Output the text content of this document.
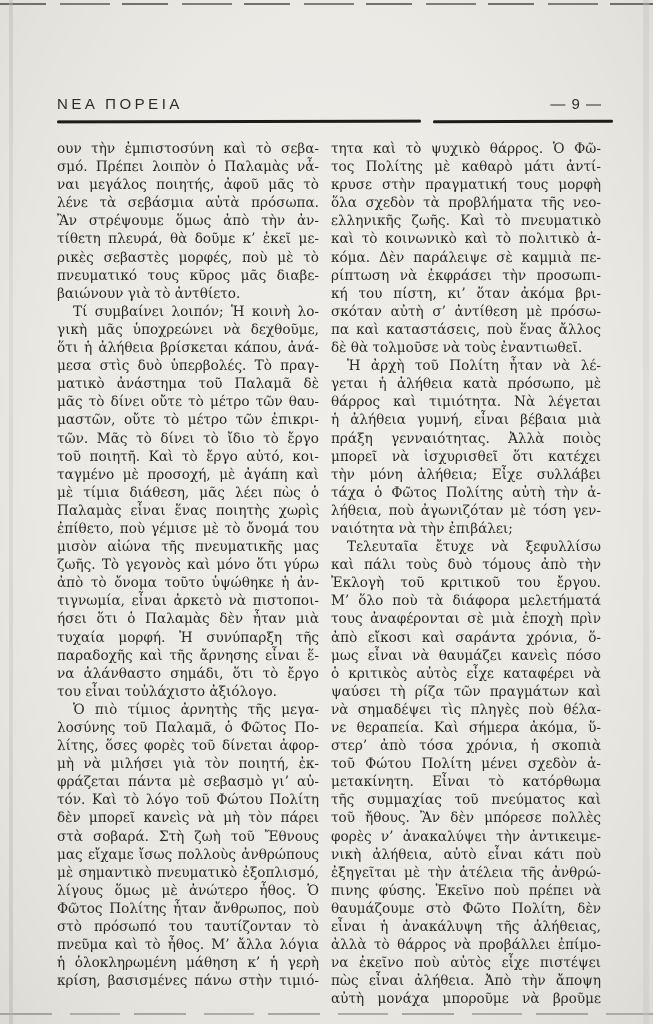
ΝΕΑ ΠΟΡΕΙΑ	— 9 —
ουν τὴν ἐμπιστοσύνη καὶ τὸ σεβα-
σμό. Πρέπει λοιπὸν ὁ Παλαμὰς νἆ-
ναι μεγάλος ποιητής, ἀφοῦ μᾶς τὸ
λένε τὰ σεβάσμια αὐτὰ πρόσωπα.
Ἂν στρέψουμε ὅμως ἀπὸ τὴν ἀν-
τίθετη πλευρά, θὰ δοῦμε κ’ ἐκεῖ με-
ρικὲς σεβαστὲς μορφές, ποὺ μὲ τὸ
πνευματικό τους κῦρος μᾶς διαβε-
βαιώνουν γιὰ τὸ ἀντθίετο.
Τί συμβαίνει λοιπόν; Ἡ κοινὴ λο-
γικὴ μᾶς ὑποχρεώνει νὰ δεχθοῦμε,
ὅτι ἡ ἀλήθεια βρίσκεται κάπου, ἀνά-
μεσα στὶς δυὸ ὑπερβολές. Τὸ πραγ-
ματικὸ ἀνάστημα τοῦ Παλαμᾶ δὲ
μᾶς τὸ δίνει οὔτε τὸ μέτρο τῶν θαυ-
μαστῶν, οὔτε τὸ μέτρο τῶν ἐπικρι-
τῶν. Μᾶς τὸ δίνει τὸ ἴδιο τὸ ἔργο
τοῦ ποιητῆ. Καὶ τὸ ἔργο αὐτό, κοι-
ταγμένο μὲ προσοχή, μὲ ἀγάπη καὶ
μὲ τίμια διάθεση, μᾶς λέει πὼς ὁ
Παλαμὰς εἶναι ἕνας ποιητὴς χωρὶς
ἐπίθετο, ποὺ γέμισε μὲ τὸ ὄνομά του
μισὸν αἰώνα τῆς πνευματικῆς μας
ζωῆς. Τὸ γεγονὸς καὶ μόνο ὅτι γύρω
ἀπὸ τὸ ὄνομα τοῦτο ὑψώθηκε ἡ ἀν-
τιγνωμία, εἶναι ἀρκετὸ νὰ πιστοποι-
ήσει ὅτι ὁ Παλαμὰς δὲν ἦταν μιὰ
τυχαία μορφή. Ἡ συνύπαρξη τῆς
παραδοχῆς καὶ τῆς ἄρνησης εἶναι ἕ-
να ἀλάνθαστο σημάδι, ὅτι τὸ ἔργο
του εἶναι τοὐλάχιστο ἀξιόλογο.
Ὁ πιὸ τίμιος ἀρνητὴς τῆς μεγα-
λοσύνης τοῦ Παλαμᾶ, ὁ Φῶτος Πο-
λίτης, ὅσες φορὲς τοῦ δίνεται ἀφορ-
μὴ νὰ μιλήσει γιὰ τὸν ποιητή, ἐκ-
φράζεται πάντα μὲ σεβασμὸ γι’ αὐ-
τόν. Καὶ τὸ λόγο τοῦ Φώτου Πολίτη
δὲν μπορεῖ κανεὶς νὰ μὴ τὸν πάρει
στὰ σοβαρά. Στὴ ζωὴ τοῦ Ἔθνους
μας εἴχαμε ἴσως πολλοὺς ἀνθρώπους
μὲ σημαντικὸ πνευματικὸ ἐξοπλισμό,
λίγους ὅμως μὲ ἀνώτερο ἦθος. Ὁ
Φῶτος Πολίτης ἦταν ἄνθρωπος, ποὺ
στὸ πρόσωπό του ταυτίζονταν τὸ
πνεῦμα καὶ τὸ ἦθος. Μ’ ἄλλα λόγια
ἡ ὁλοκληρωμένη μάθηση κ’ ἡ γερὴ
κρίση, βασισμένες πάνω στὴν τιμιό-
τητα καὶ τὸ ψυχικὸ θάρρος. Ὁ Φῶ-
τος Πολίτης μὲ καθαρὸ μάτι ἀντί-
κρυσε στὴν πραγματική τους μορφὴ
ὅλα σχεδὸν τὰ προβλήματα τῆς νεο-
ελληνικῆς ζωῆς. Καὶ τὸ πνευματικὸ
καὶ τὸ κοινωνικὸ καὶ τὸ πολιτικὸ ἀ-
κόμα. Δὲν παράλειψε σὲ καμμιὰ πε-
ρίπτωση νὰ ἐκφράσει τὴν προσωπι-
κή του πίστη, κι’ ὅταν ἀκόμα βρι-
σκόταν αὐτὴ σ’ ἀντίθεση μὲ πρόσω-
πα καὶ καταστάσεις, ποὺ ἕνας ἄλλος
δὲ θὰ τολμοῦσε νὰ τοὺς ἐναντιωθεῖ.
Ἡ ἀρχὴ τοῦ Πολίτη ἦταν νὰ λέ-
γεται ἡ ἀλήθεια κατὰ πρόσωπο, μὲ
θάρρος καὶ τιμιότητα. Νὰ λέγεται
ἡ ἀλήθεια γυμνή, εἶναι βέβαια μιὰ
πράξη γενναιότητας. Ἀλλὰ ποιὸς
μπορεῖ νὰ ἰσχυρισθεῖ ὅτι κατέχει
τὴν μόνη ἀλήθεια; Εἶχε συλλάβει
τάχα ὁ Φῶτος Πολίτης αὐτὴ τὴν ἀ-
λήθεια, ποὺ ἀγωνιζόταν μὲ τόση γεν-
ναιότητα νὰ τὴν ἐπιβάλει;
Τελευταῖα ἔτυχε νὰ ξεφυλλίσω
καὶ πάλι τοὺς δυὸ τόμους ἀπὸ τὴν
Ἐκλογὴ τοῦ κριτικοῦ του ἔργου.
Μ’ ὅλο ποὺ τὰ διάφορα μελετήματά
τους ἀναφέρονται σὲ μιὰ ἐποχὴ πρὶν
ἀπὸ εἴκοσι καὶ σαράντα χρόνια, ὅ-
μως εἶναι νὰ θαυμάζει κανεὶς πόσο
ὁ κριτικὸς αὐτὸς εἶχε καταφέρει νὰ
ψαύσει τὴ ρίζα τῶν πραγμάτων καὶ
νὰ σημαδέψει τὶς πληγὲς ποὺ θέλα-
νε θεραπεία. Καὶ σήμερα ἀκόμα, ὕ-
στερ’ ἀπὸ τόσα χρόνια, ἡ σκοπιὰ
τοῦ Φώτου Πολίτη μένει σχεδὸν ἀ-
μετακίνητη. Εἶναι τὸ κατόρθωμα
τῆς συμμαχίας τοῦ πνεύματος καὶ
τοῦ ἤθους. Ἂν δὲν μπόρεσε πολλὲς
φορὲς ν’ ἀνακαλύψει τὴν ἀντικειμε-
νικὴ ἀλήθεια, αὐτὸ εἶναι κάτι ποὺ
ἐξηγεῖται μὲ τὴν ἀτέλεια τῆς ἀνθρώ-
πινης φύσης. Ἐκεῖνο ποὺ πρέπει νὰ
θαυμάζουμε στὸ Φῶτο Πολίτη, δὲν
εἶναι ἡ ἀνακάλυψη τῆς ἀλήθειας,
ἀλλὰ τὸ θάρρος νὰ προβάλλει ἐπίμο-
να ἐκεῖνο ποὺ αὐτὸς εἶχε πιστέψει
πὼς εἶναι ἀλήθεια. Ἀπὸ τὴν ἄποψη
αὐτὴ μονάχα μποροῦμε νὰ βροῦμε
